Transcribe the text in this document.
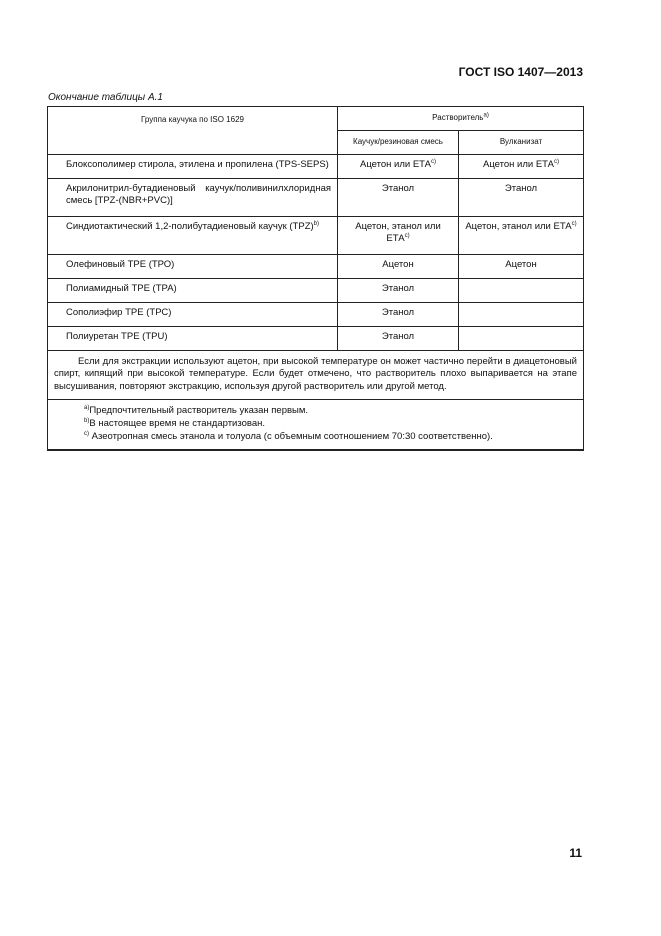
ГОСТ ISO 1407—2013
Окончание таблицы А.1
Группа каучука по ISO 1629	Растворитель$^{a)}$
	Каучук/резиновая смесь	Вулканизат
Блоксополимер стирола, этилена и пропилена (TPS-SEPS)	Ацетон или ЕТА$^{c)}$	Ацетон или ЕТА$^{c)}$
Акрилонитрил-бутадиеновый каучук/поливинилхлоридная смесь [TPZ-(NBR+PVC)]	Этанол	Этанол
Синдиотактический 1,2-полибутадиеновый каучук (TPZ)$^{b)}$	Ацетон, этанол или ЕТА$^{c)}$	Ацетон, этанол или ЕТА$^{c)}$
Олефиновый ТРЕ (ТРО)	Ацетон	Ацетон
Полиамидный ТРЕ (ТРА)	Этанол	
Сополиэфир ТРЕ (ТРС)	Этанол	
Полиуретан ТРЕ (TPU)	Этанол	

Если для экстракции используют ацетон, при высокой температуре он может частично перейти в диацетоновый спирт, кипящий при высокой температуре. Если будет отмечено, что растворитель плохо выпаривается на этапе высушивания, повторяют экстракцию, используя другой растворитель или другой метод.		

$^{a)}$Предпочтительный растворитель указан первым.
$^{b)}$В настоящее время не стандартизован.
$^{c)}$ Азеотропная смесь этанола и толуола (с объемным соотношением 70:30 соответственно).		
11
